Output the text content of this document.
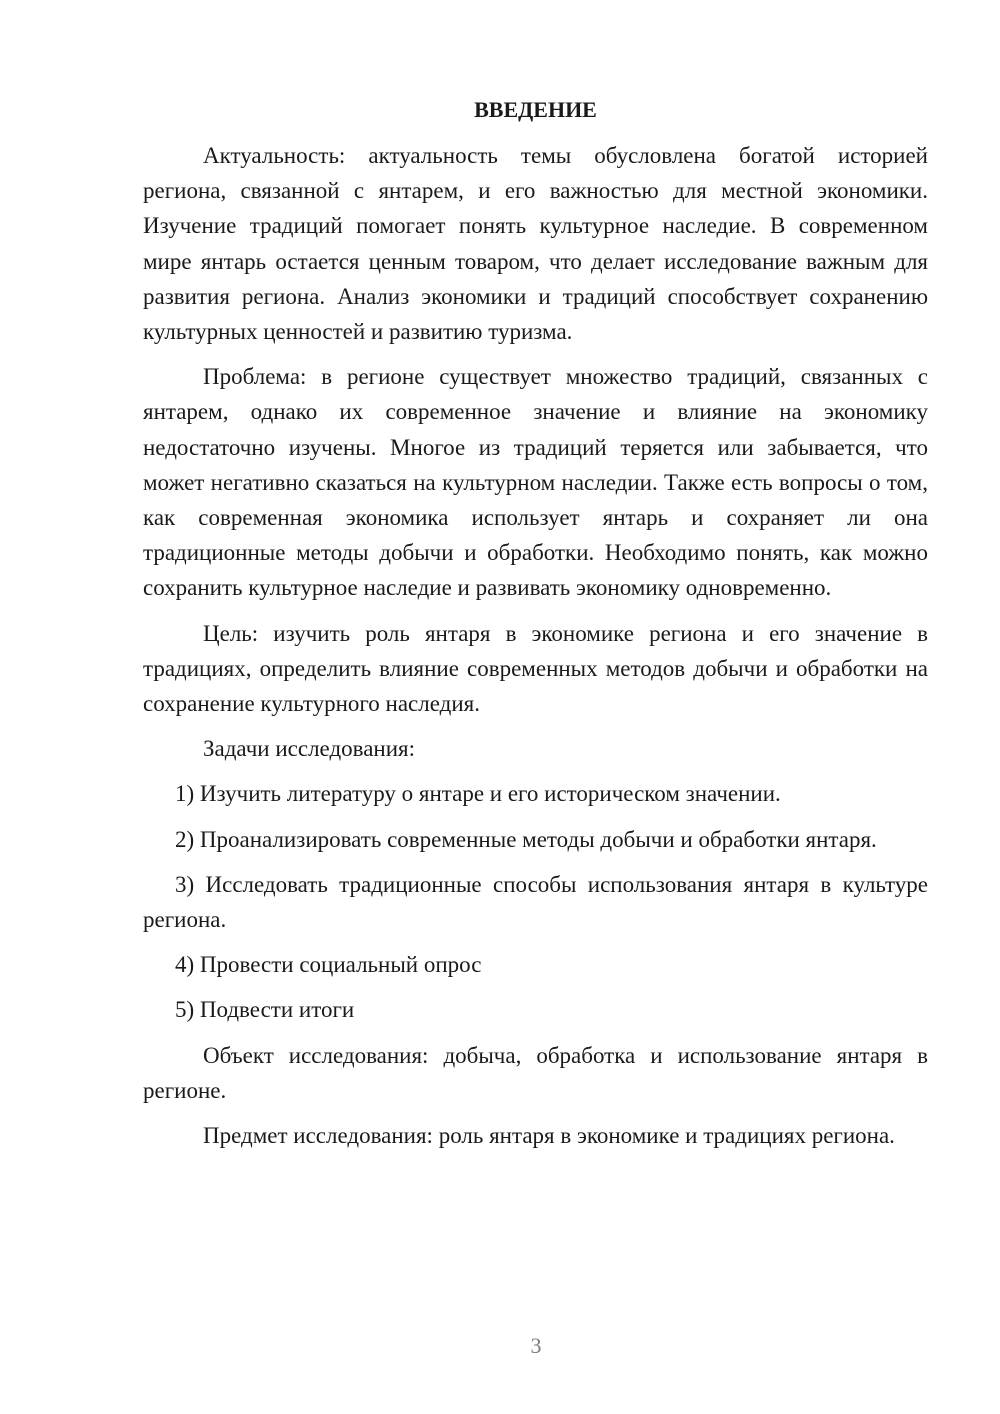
ВВЕДЕНИЕ

Актуальность: актуальность темы обусловлена богатой историей региона, связанной с янтарем, и его важностью для местной экономики. Изучение традиций помогает понять культурное наследие. В современном мире янтарь остается ценным товаром, что делает исследование важным для развития региона. Анализ экономики и традиций способствует сохранению культурных ценностей и развитию туризма.

Проблема: в регионе существует множество традиций, связанных с янтарем, однако их современное значение и влияние на экономику недостаточно изучены. Многое из традиций теряется или забывается, что может негативно сказаться на культурном наследии. Также есть вопросы о том, как современная экономика использует янтарь и сохраняет ли она традиционные методы добычи и обработки. Необходимо понять, как можно сохранить культурное наследие и развивать экономику одновременно.

Цель: изучить роль янтаря в экономике региона и его значение в традициях, определить влияние современных методов добычи и обработки на сохранение культурного наследия.

Задачи исследования:

1) Изучить литературу о янтаре и его историческом значении.

2) Проанализировать современные методы добычи и обработки янтаря.

3) Исследовать традиционные способы использования янтаря в культуре региона.

4) Провести социальный опрос

5) Подвести итоги

Объект исследования: добыча, обработка и использование янтаря в регионе.

Предмет исследования: роль янтаря в экономике и традициях региона.

3
